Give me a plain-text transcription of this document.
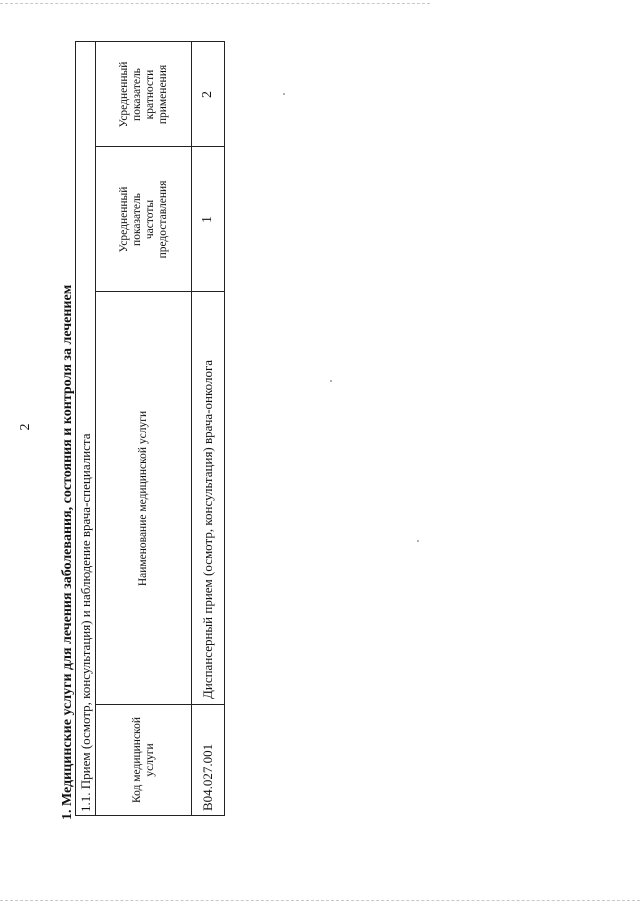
2 1. Медицинские услуги для лечения заболевания, состояния и контроля за лечением 1.1. Прием (осмотр, консультация) и наблюдение врача-специалиста	Код медицинской услуги
Наименование медицинской услуги
Усредненный показатель частоты предоставления
Усредненный показатель кратности применения
B04.027.001
Диспансерный прием (осмотр, консультация) врача-онколога
1
2
